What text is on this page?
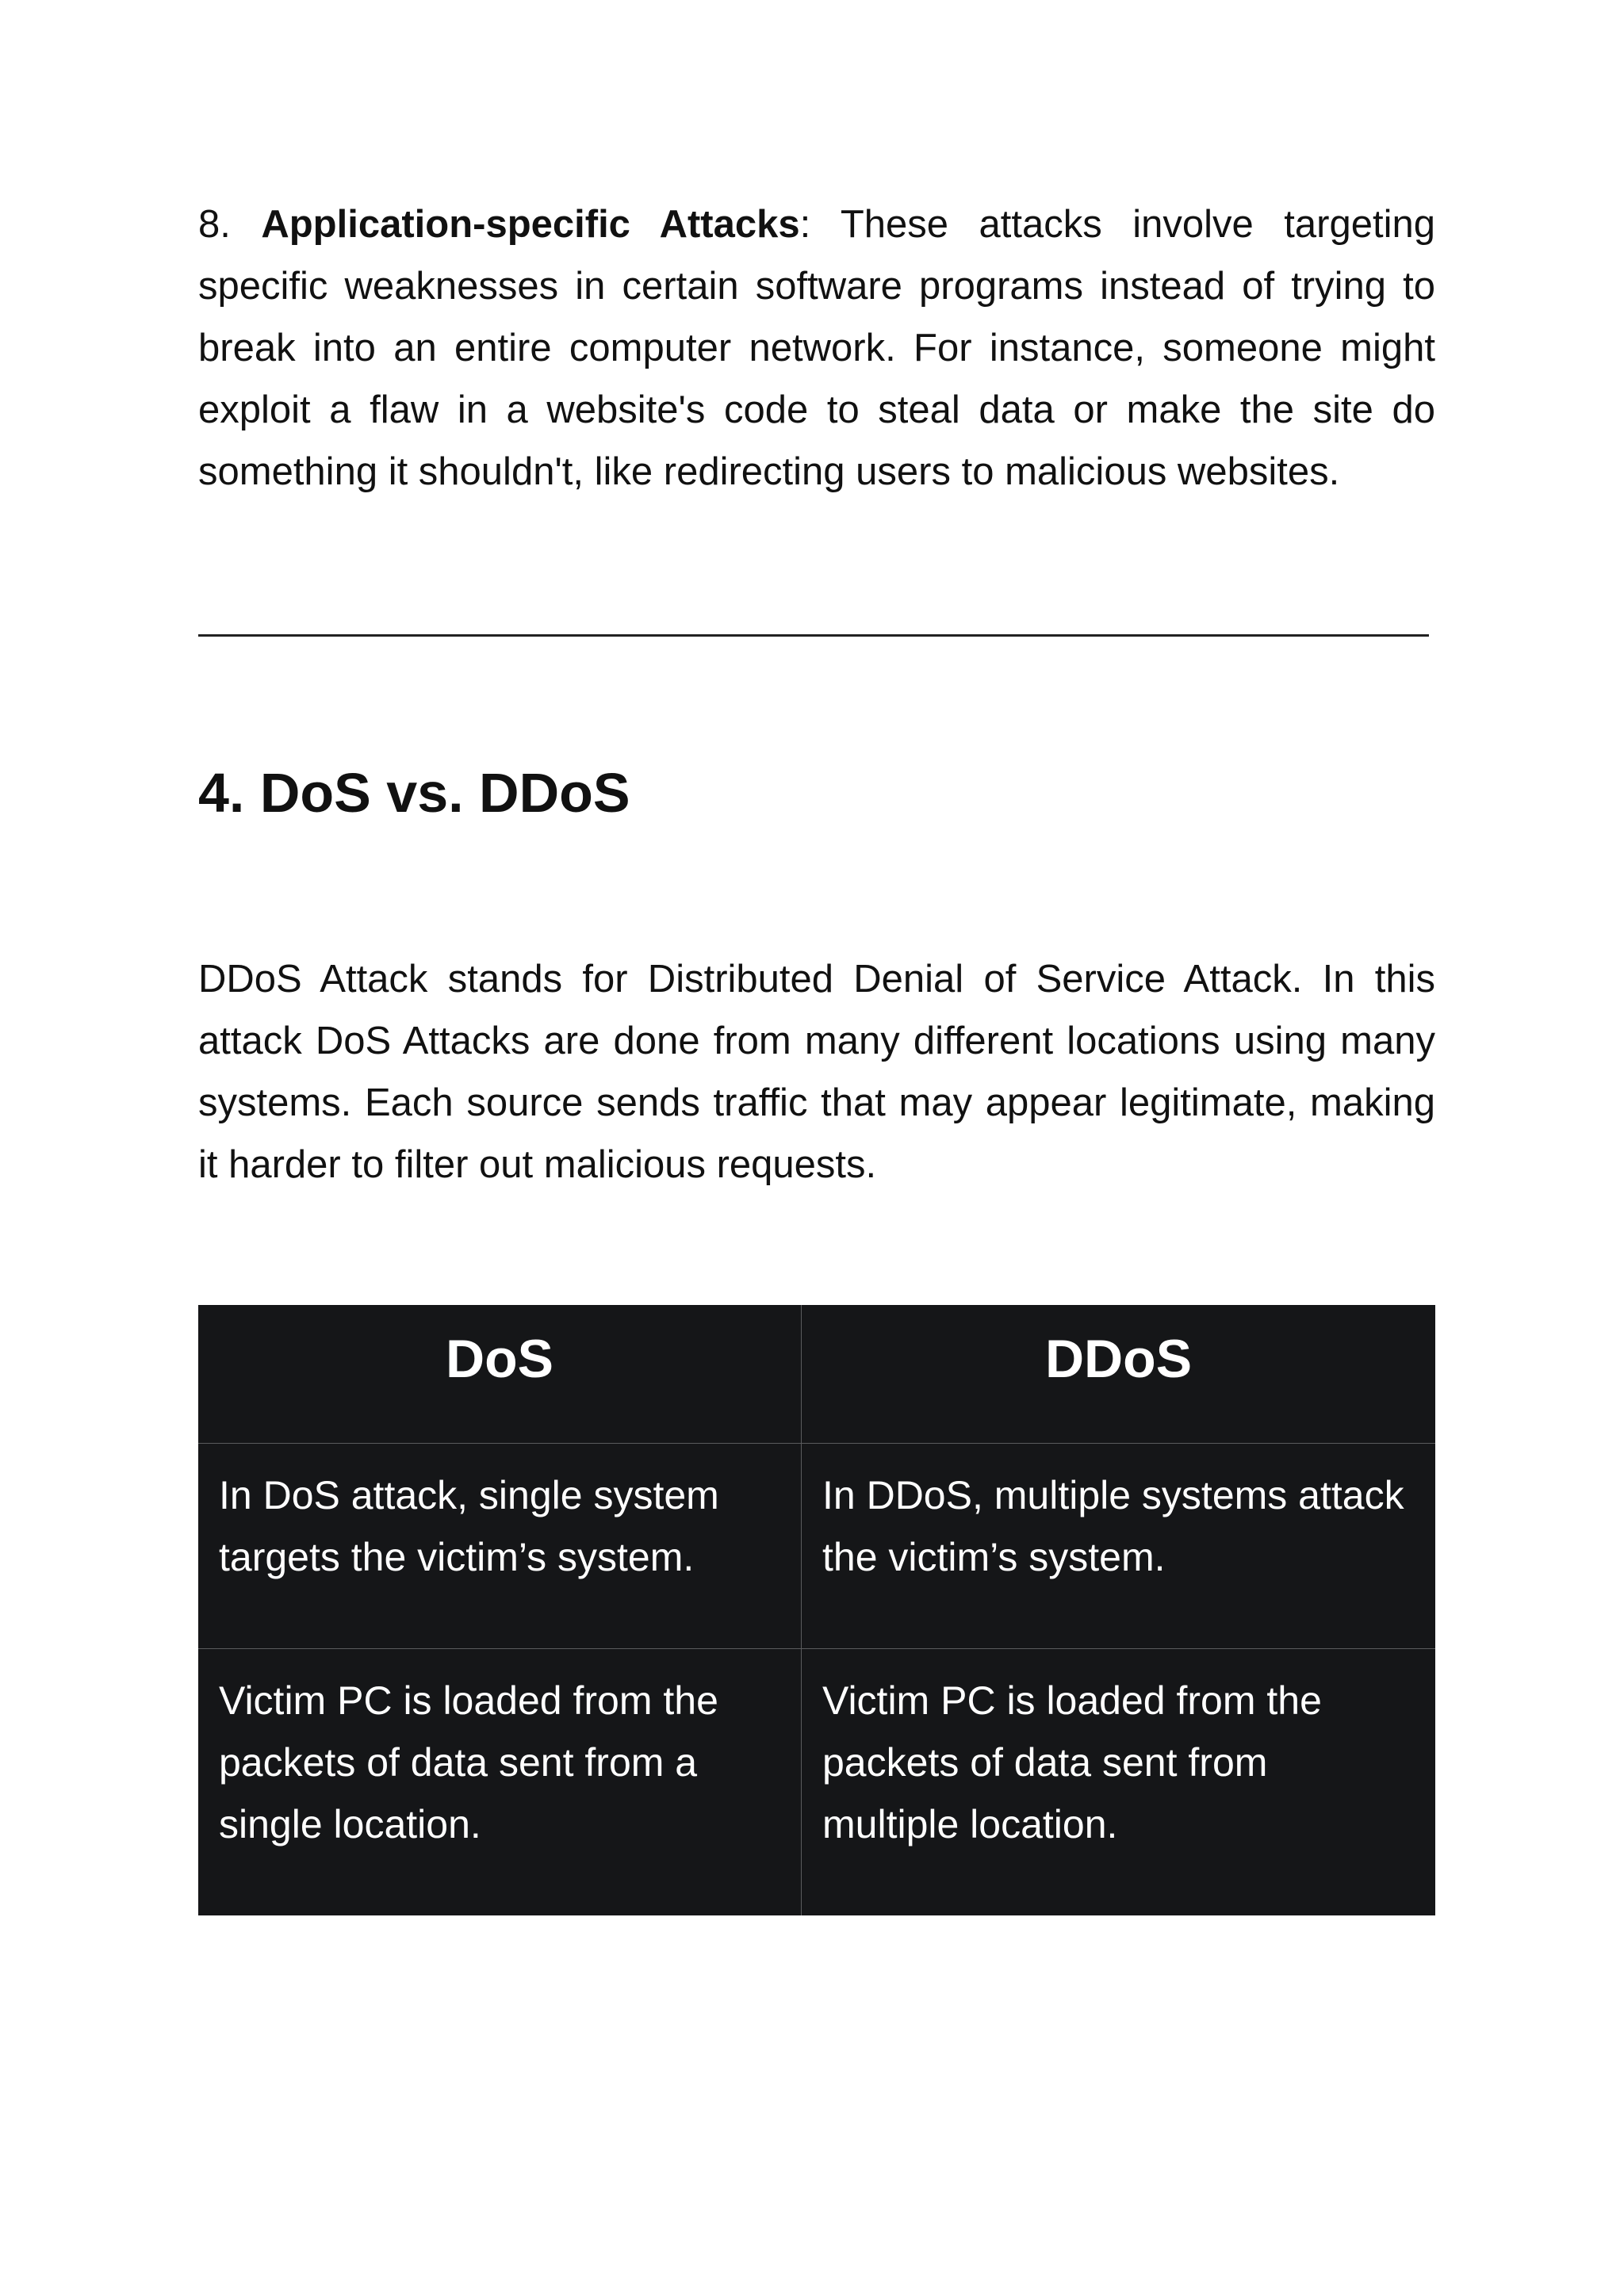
8. Application-specific Attacks: These attacks involve targeting specific weaknesses in certain software programs instead of trying to break into an entire computer network. For instance, someone might exploit a flaw in a website's code to steal data or make the site do something it shouldn't, like redirecting users to malicious websites.

4. DoS vs. DDoS

DDoS Attack stands for Distributed Denial of Service Attack. In this attack DoS Attacks are done from many different locations using many systems. Each source sends traffic that may appear legitimate, making it harder to filter out malicious requests.

DoS	DDoS
In DoS attack, single system targets the victim’s system.
In DDoS, multiple systems attack the victim’s system.
Victim PC is loaded from the packets of data sent from a single location.
Victim PC is loaded from the packets of data sent from multiple location.
